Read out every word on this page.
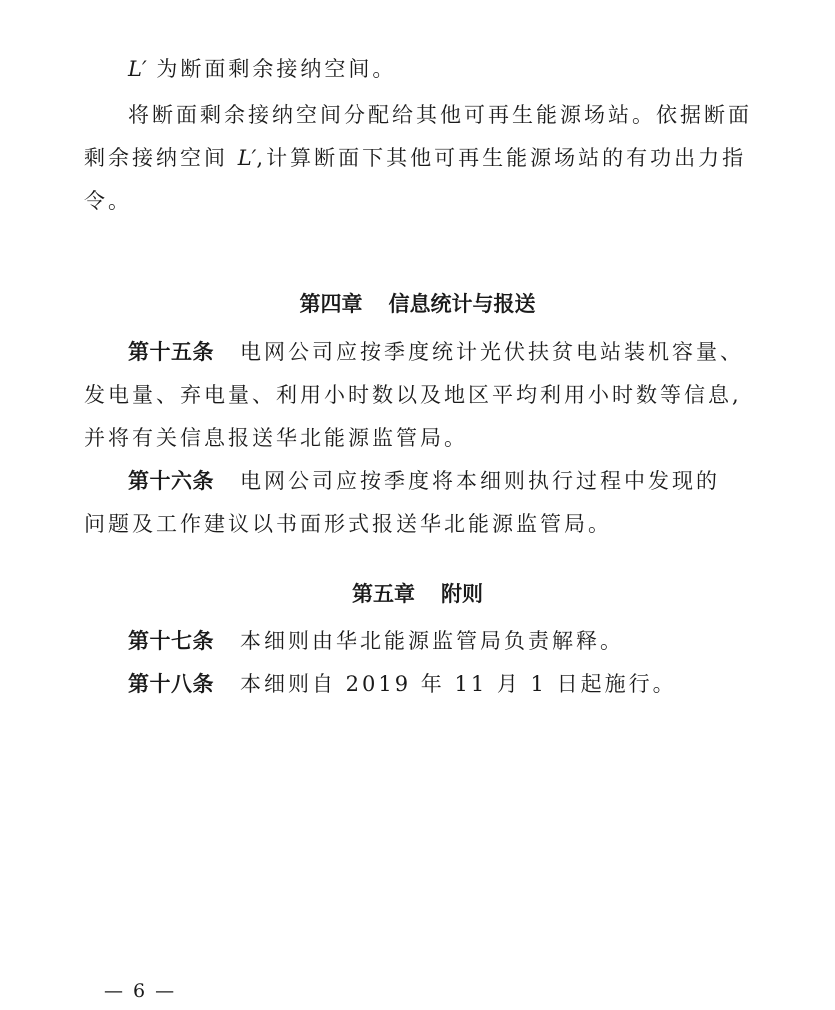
L′ 为断面剩余接纳空间。
将断面剩余接纳空间分配给其他可再生能源场站。依据断面
剩余接纳空间 L′,计算断面下其他可再生能源场站的有功出力指
令。
第四章 信息统计与报送
第十五条 电网公司应按季度统计光伏扶贫电站装机容量、
发电量、弃电量、利用小时数以及地区平均利用小时数等信息,
并将有关信息报送华北能源监管局。
第十六条 电网公司应按季度将本细则执行过程中发现的
问题及工作建议以书面形式报送华北能源监管局。
第五章 附则
第十七条 本细则由华北能源监管局负责解释。
第十八条 本细则自 2019 年 11 月 1 日起施行。
— 6 —
